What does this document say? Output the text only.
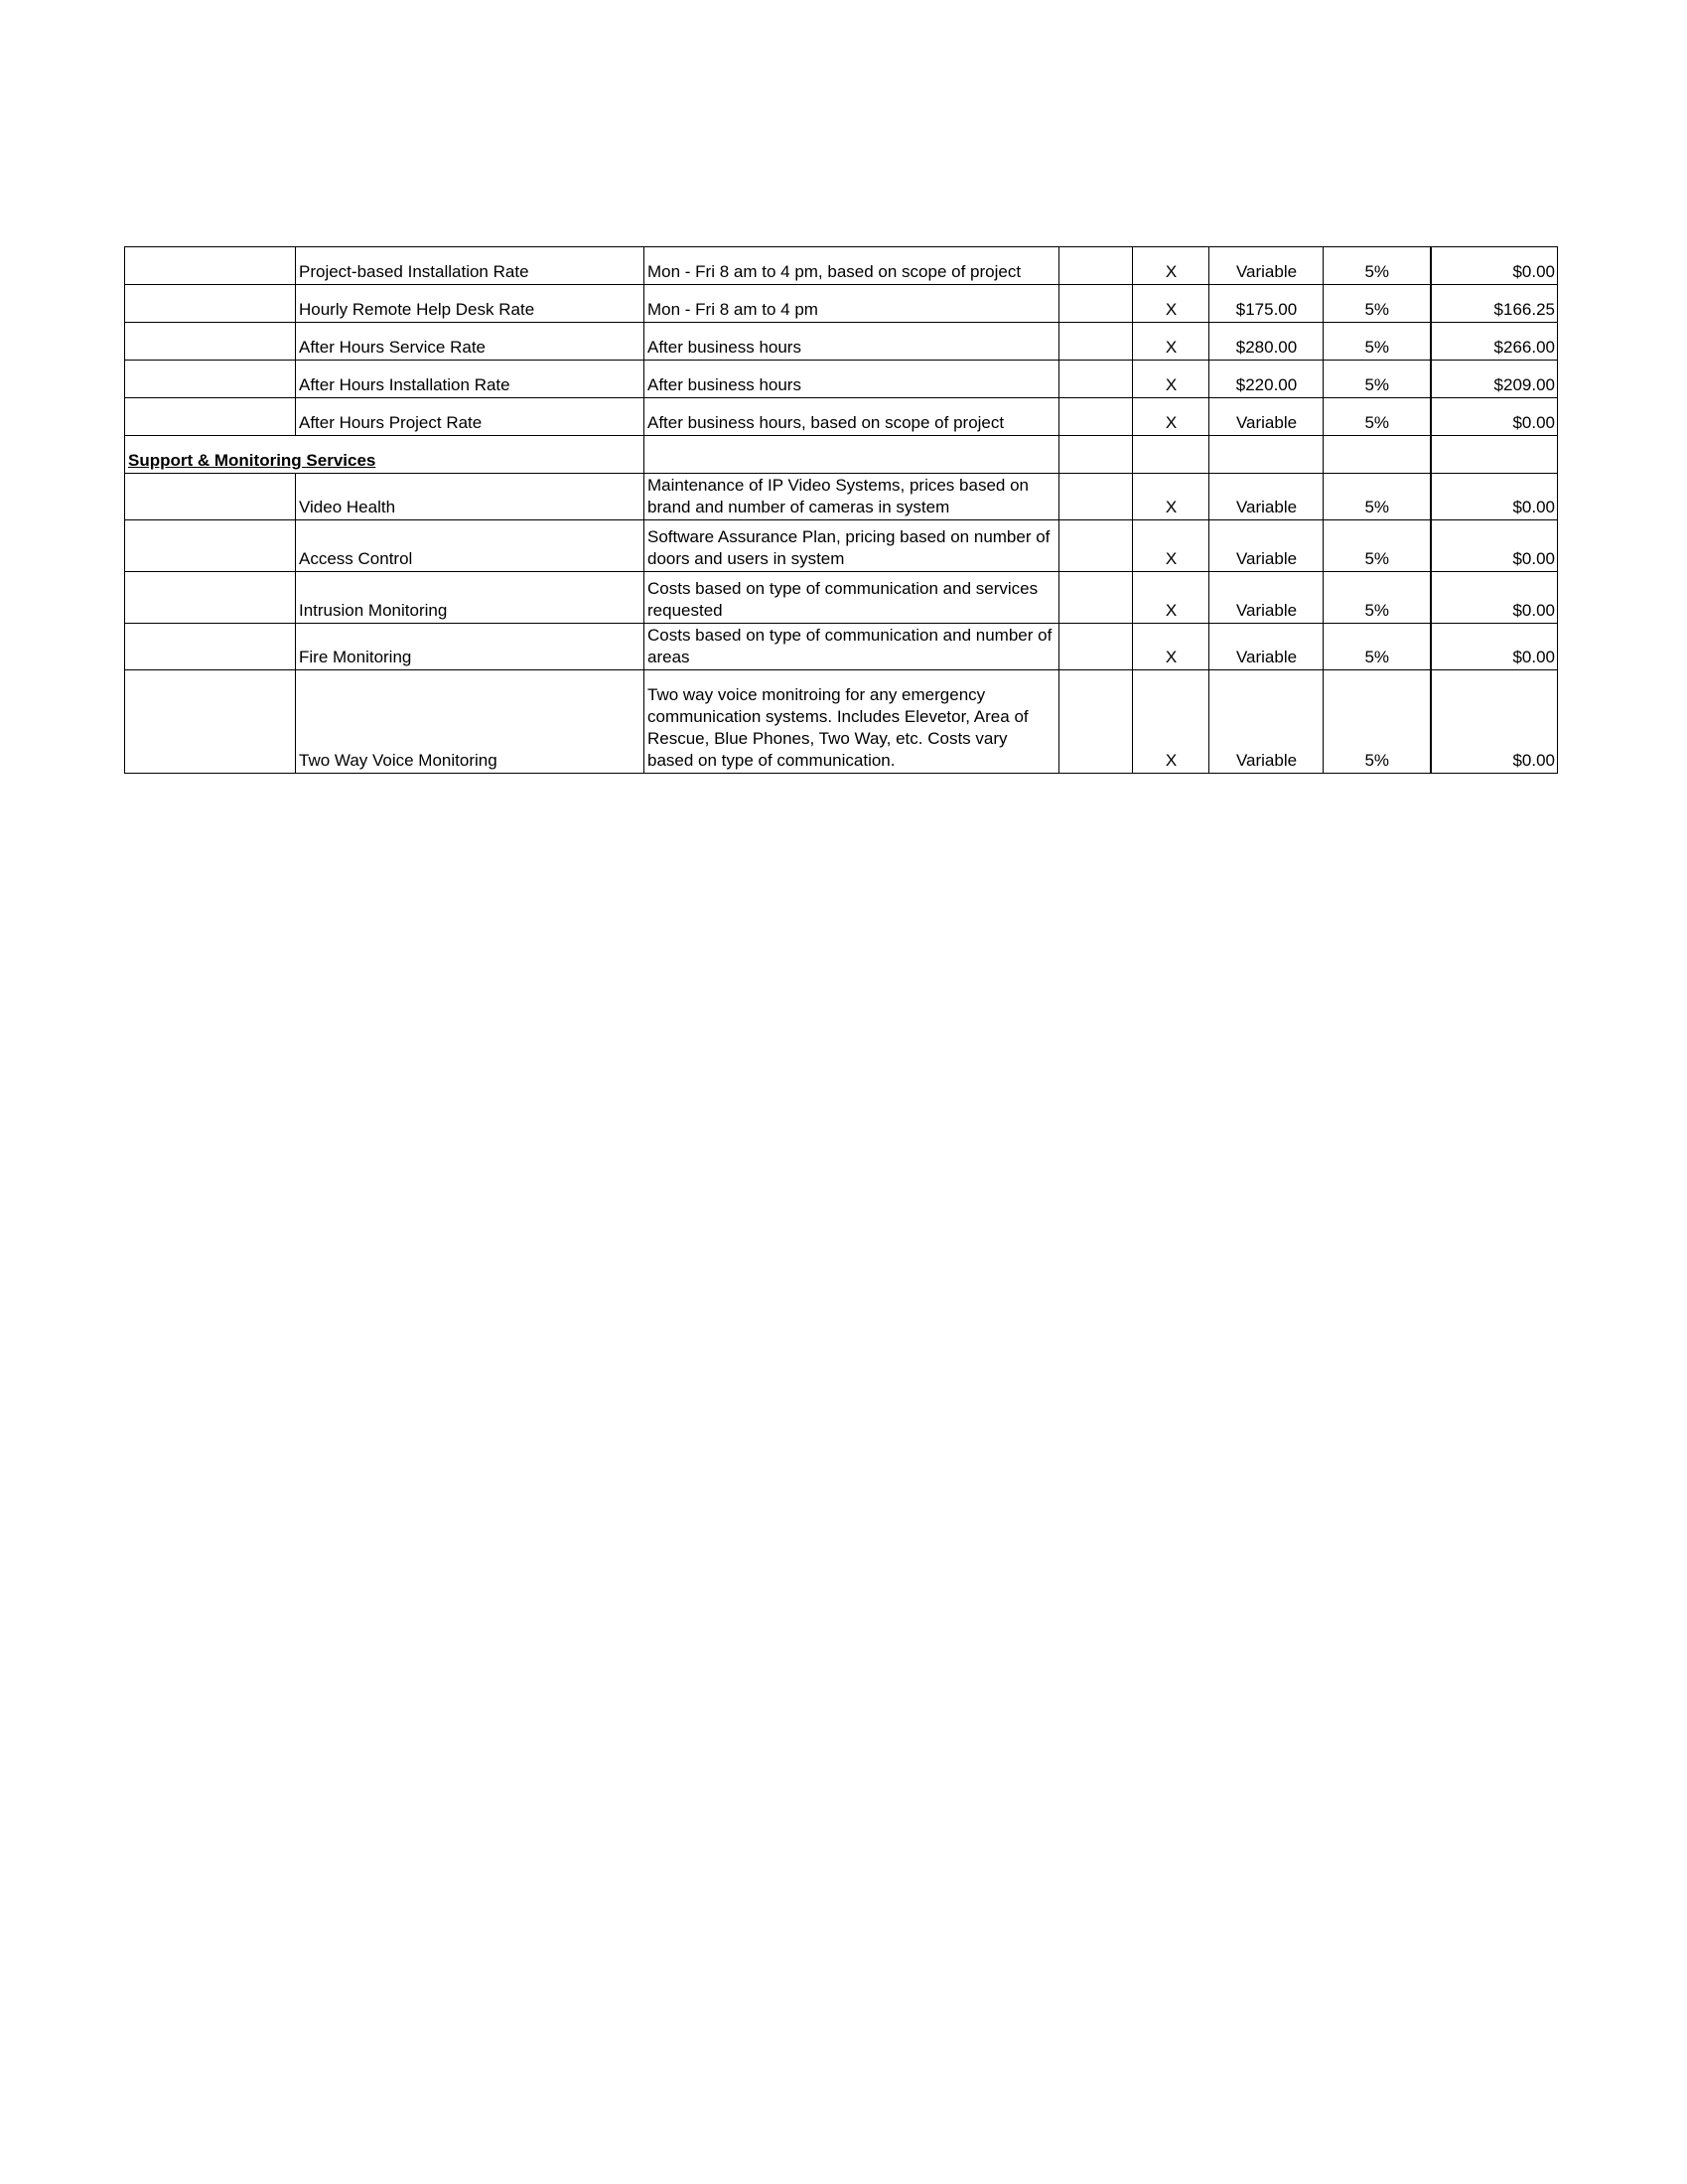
	Project-based Installation Rate	Mon - Fri 8 am to 4 pm, based on scope of project		X	Variable	5%	$0.00
	Hourly Remote Help Desk Rate	Mon - Fri 8 am to 4 pm		X	$175.00	5%	$166.25
	After Hours Service Rate	After business hours		X	$280.00	5%	$266.00
	After Hours Installation Rate	After business hours		X	$220.00	5%	$209.00
	After Hours Project Rate	After business hours, based on scope of project		X	Variable	5%	$0.00
Support & Monitoring Services							
	Video Health	Maintenance of IP Video Systems, prices based on brand and number of cameras in system		X	Variable	5%	$0.00
	Access Control	Software Assurance Plan, pricing based on number of doors and users in system		X	Variable	5%	$0.00
	Intrusion Monitoring	Costs based on type of communication and services requested		X	Variable	5%	$0.00
	Fire Monitoring	Costs based on type of communication and number of areas		X	Variable	5%	$0.00
	Two Way Voice Monitoring	Two way voice monitroing for any emergency communication systems. Includes Elevetor, Area of Rescue, Blue Phones, Two Way, etc. Costs vary based on type of communication.		X	Variable	5%	$0.00
